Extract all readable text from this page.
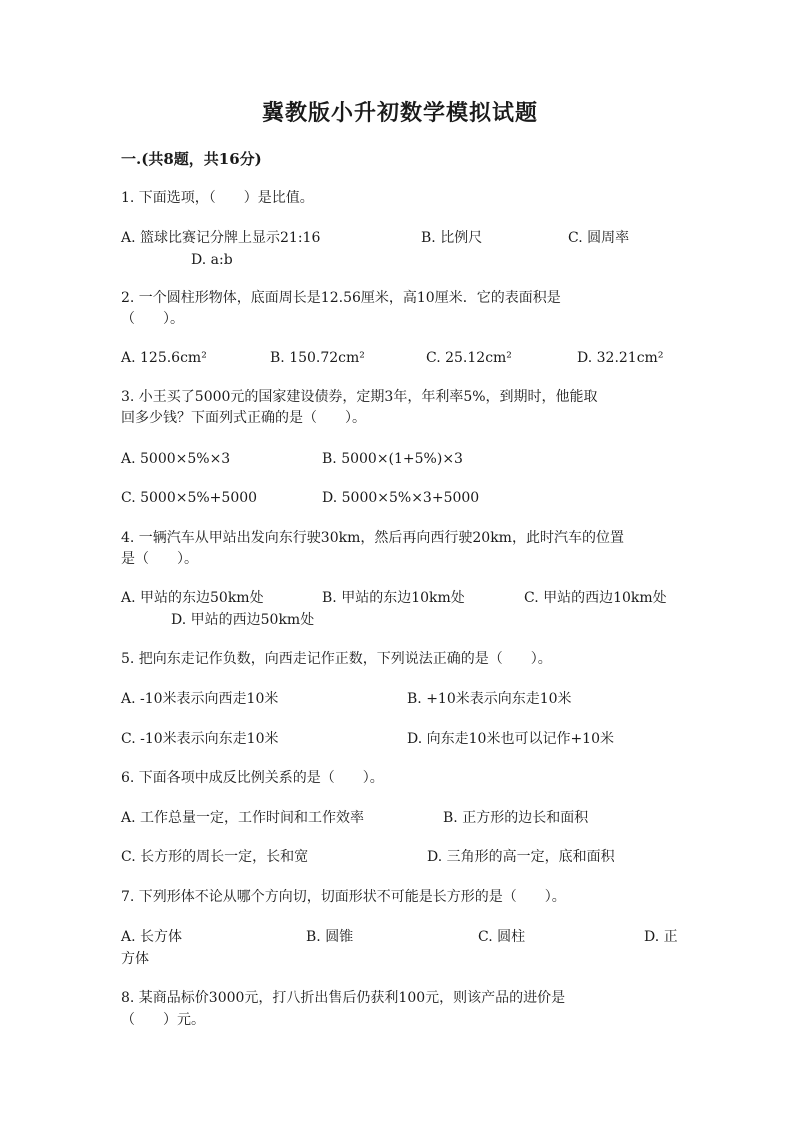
冀教版小升初数学模拟试题
一.(共8题，共16分)
1. 下面选项，（　　）是比值。
A. 篮球比赛记分牌上显示21:16	B. 比例尺	C. 圆周率
D. a:b
2. 一个圆柱形物体，底面周长是12.56厘米，高10厘米．它的表面积是
（　　）。
A. 125.6cm²	B. 150.72cm²	C. 25.12cm²	D. 32.21cm²
3. 小王买了5000元的国家建设债券，定期3年，年利率5%，到期时，他能取
回多少钱？下面列式正确的是（　　）。
A. 5000×5%×3	B. 5000×(1+5%)×3
C. 5000×5%+5000	D. 5000×5%×3+5000
4. 一辆汽车从甲站出发向东行驶30km，然后再向西行驶20km，此时汽车的位置
是（　　）。
A. 甲站的东边50km处	B. 甲站的东边10km处	C. 甲站的西边10km处
D. 甲站的西边50km处
5. 把向东走记作负数，向西走记作正数，下列说法正确的是（　　）。
A. -10米表示向西走10米	B. +10米表示向东走10米
C. -10米表示向东走10米	D. 向东走10米也可以记作+10米
6. 下面各项中成反比例关系的是（　　）。
A. 工作总量一定，工作时间和工作效率	B. 正方形的边长和面积
C. 长方形的周长一定，长和宽	D. 三角形的高一定，底和面积
7. 下列形体不论从哪个方向切，切面形状不可能是长方形的是（　　）。
A. 长方体	B. 圆锥	C. 圆柱	D. 正
方体
8. 某商品标价3000元，打八折出售后仍获利100元，则该产品的进价是
（　　）元。
